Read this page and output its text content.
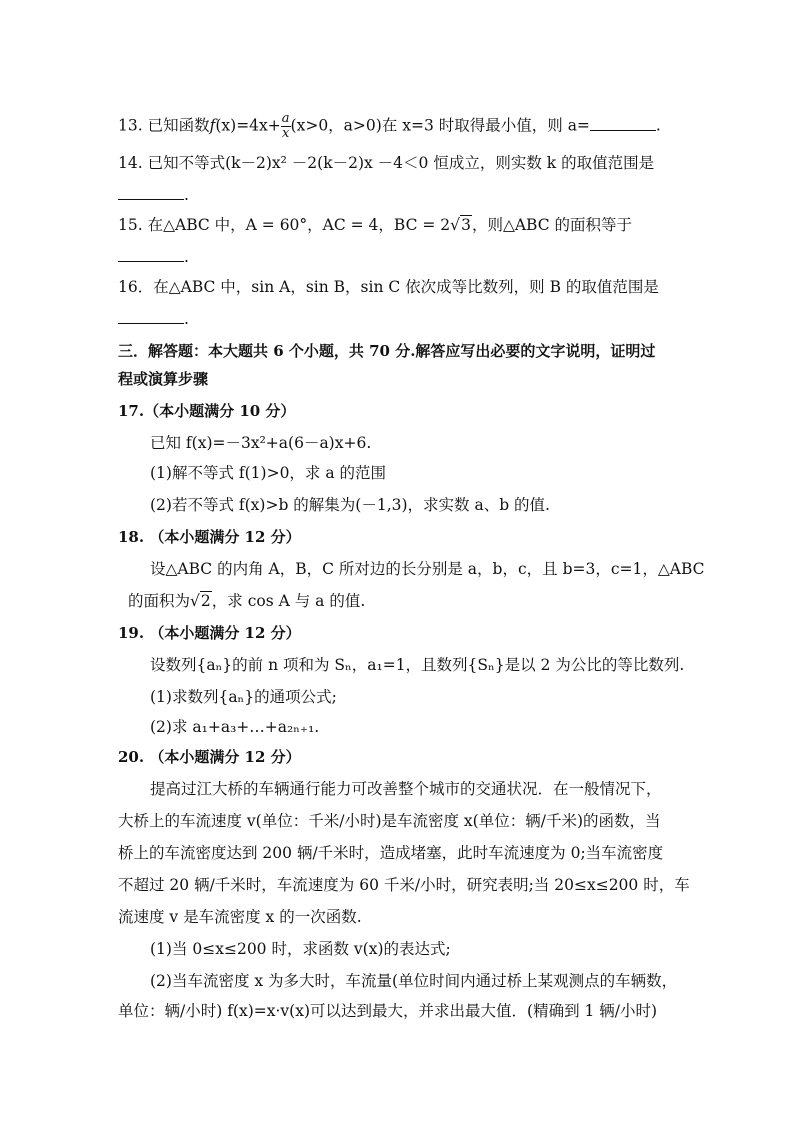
13. 已知函数$f(x)=4x+ \frac{a}{x} (x>0$，a>0)在 x=3 时取得最小值，则 a=	.
14. 已知不等式(k－2)x² －2(k－2)x －4＜0 恒成立，则实数 k 的取值范围是
.
15. 在△ABC 中，A = 60°，AC = 4，BC = 2√3，则△ABC 的面积等于
.
16．在△ABC 中，sin A，sin B，sin C 依次成等比数列，则 B 的取值范围是
.
三．解答题：本大题共 6 个小题，共 70 分.解答应写出必要的文字说明，证明过
程或演算步骤
17.（本小题满分 10 分）
已知 f(x)=－3x²+a(6－a)x+6.
(1)解不等式 f(1)>0，求 a 的范围
(2)若不等式 f(x)>b 的解集为(－1,3)，求实数 a、b 的值.
18. （本小题满分 12 分）
设△ABC 的内角 A，B，C 所对边的长分别是 a，b，c，且 b=3，c=1，△ABC
的面积为√2，求 cos A 与 a 的值.
19. （本小题满分 12 分）
设数列{aₙ}的前 n 项和为 Sₙ，a₁=1，且数列{Sₙ}是以 2 为公比的等比数列.
(1)求数列{aₙ}的通项公式;
(2)求 a₁+a₃+…+a₂ₙ₊₁.
20. （本小题满分 12 分）
提高过江大桥的车辆通行能力可改善整个城市的交通状况．在一般情况下，
大桥上的车流速度 v(单位：千米/小时)是车流密度 x(单位：辆/千米)的函数，当
桥上的车流密度达到 200 辆/千米时，造成堵塞，此时车流速度为 0;当车流密度
不超过 20 辆/千米时，车流速度为 60 千米/小时，研究表明;当 20≤x≤200 时，车
流速度 v 是车流密度 x 的一次函数.
(1)当 0≤x≤200 时，求函数 v(x)的表达式;
(2)当车流密度 x 为多大时，车流量(单位时间内通过桥上某观测点的车辆数，
单位：辆/小时) f(x)=x·v(x)可以达到最大，并求出最大值．(精确到 1 辆/小时)
